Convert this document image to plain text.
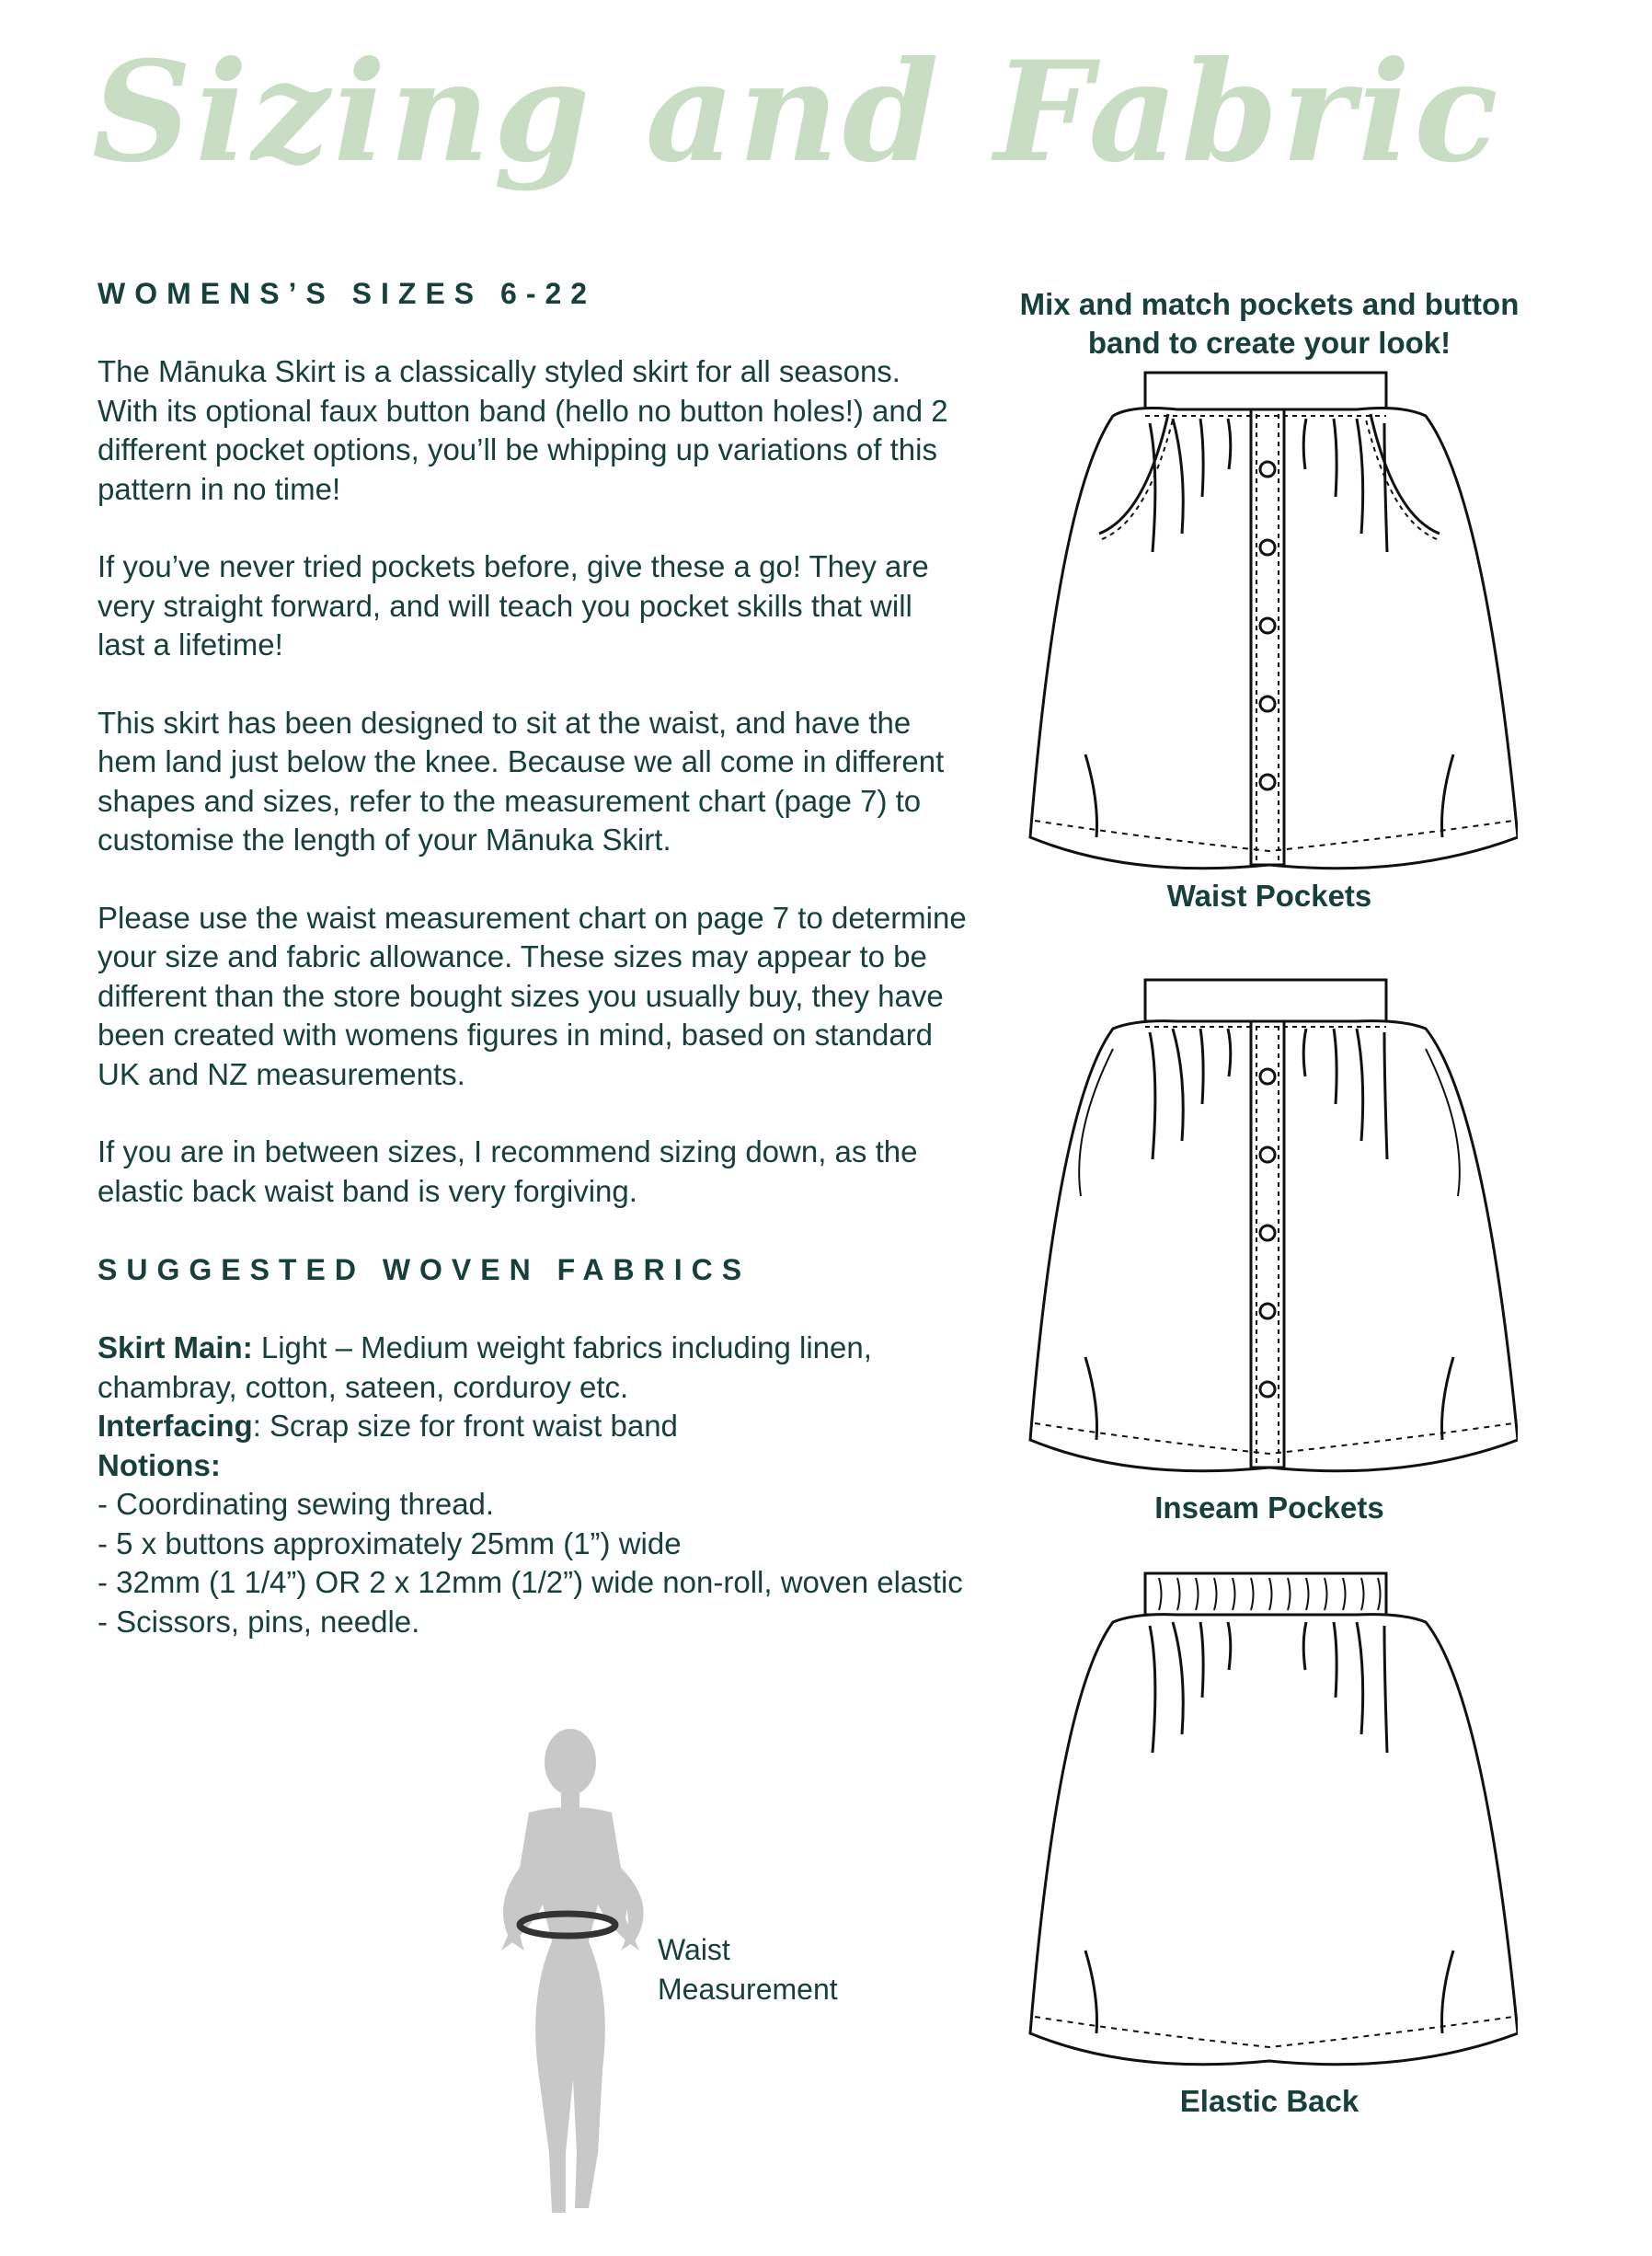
Sizing and Fabric
WOMENS’S SIZES 6-22

The Mānuka Skirt is a classically styled skirt for all seasons. With its optional faux button band (hello no button holes!) and 2 different pocket options, you’ll be whipping up variations of this pattern in no time!

If you’ve never tried pockets before, give these a go! They are very straight forward, and will teach you pocket skills that will last a lifetime!

This skirt has been designed to sit at the waist, and have the hem land just below the knee. Because we all come in different shapes and sizes, refer to the measurement chart (page 7) to customise the length of your Mānuka Skirt.

Please use the waist measurement chart on page 7 to determine your size and fabric allowance. These sizes may appear to be different than the store bought sizes you usually buy, they have been created with womens figures in mind, based on standard UK and NZ measurements.

If you are in between sizes, I recommend sizing down, as the elastic back waist band is very forgiving.

SUGGESTED WOVEN FABRICS

Skirt Main: Light – Medium weight fabrics including linen, chambray, cotton, sateen, corduroy etc.

Interfacing: Scrap size for front waist band

Notions:

- Coordinating sewing thread.

- 5 x buttons approximately 25mm (1”) wide

- 32mm (1 1/4”) OR 2 x 12mm (1/2”) wide non-roll, woven elastic

- Scissors, pins, needle.

Mix and match pockets and button band to create your look!

Waist Pockets

Inseam Pockets

Elastic Back

Waist
Measurement
